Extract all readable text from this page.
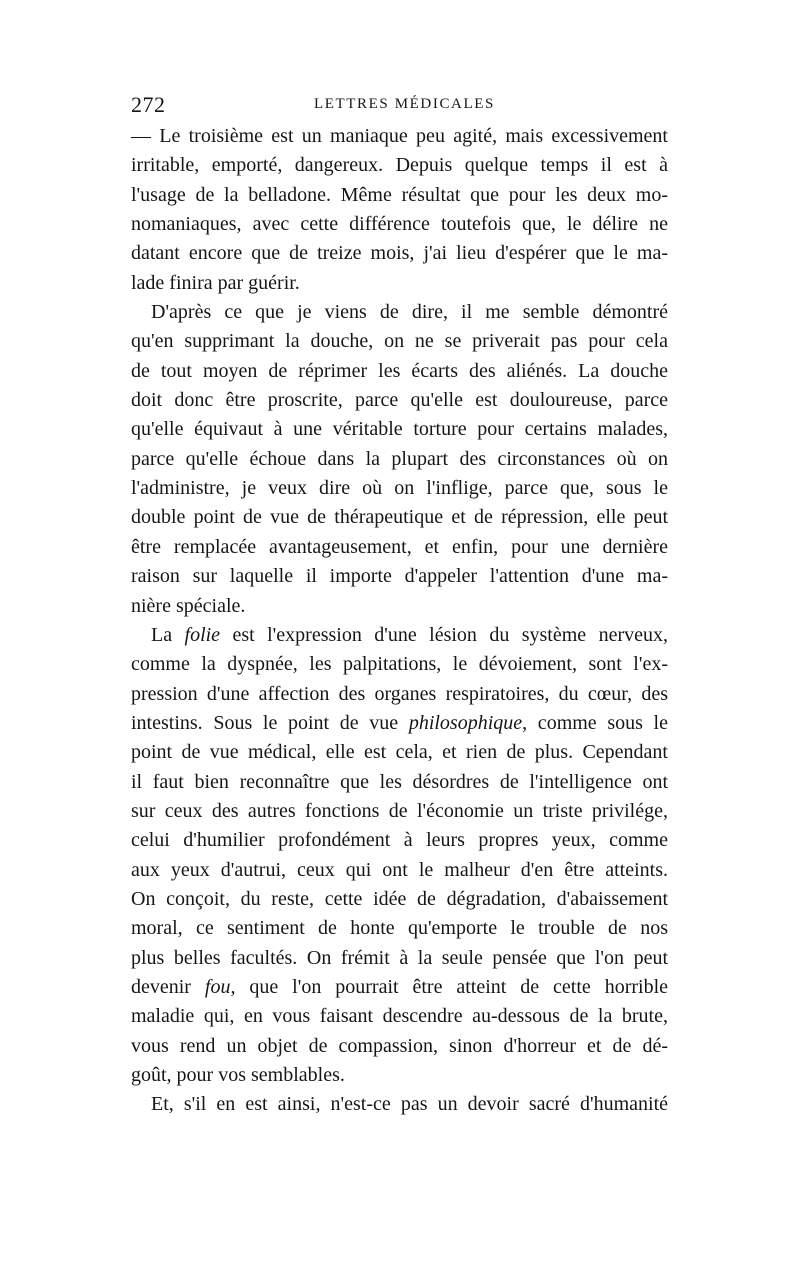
272	LETTRES MÉDICALES
— Le troisième est un maniaque peu agité, mais excessivement
irritable, emporté, dangereux. Depuis quelque temps il est à
l'usage de la belladone. Même résultat que pour les deux mo-
nomaniaques, avec cette différence toutefois que, le délire ne
datant encore que de treize mois, j'ai lieu d'espérer que le ma-
lade finira par guérir.
D'après ce que je viens de dire, il me semble démontré
qu'en supprimant la douche, on ne se priverait pas pour cela
de tout moyen de réprimer les écarts des aliénés. La douche
doit donc être proscrite, parce qu'elle est douloureuse, parce
qu'elle équivaut à une véritable torture pour certains malades,
parce qu'elle échoue dans la plupart des circonstances où on
l'administre, je veux dire où on l'inflige, parce que, sous le
double point de vue de thérapeutique et de répression, elle peut
être remplacée avantageusement, et enfin, pour une dernière
raison sur laquelle il importe d'appeler l'attention d'une ma-
nière spéciale.
La folie est l'expression d'une lésion du système nerveux,
comme la dyspnée, les palpitations, le dévoiement, sont l'ex-
pression d'une affection des organes respiratoires, du cœur, des
intestins. Sous le point de vue philosophique, comme sous le
point de vue médical, elle est cela, et rien de plus. Cependant
il faut bien reconnaître que les désordres de l'intelligence ont
sur ceux des autres fonctions de l'économie un triste privilége,
celui d'humilier profondément à leurs propres yeux, comme
aux yeux d'autrui, ceux qui ont le malheur d'en être atteints.
On conçoit, du reste, cette idée de dégradation, d'abaissement
moral, ce sentiment de honte qu'emporte le trouble de nos
plus belles facultés. On frémit à la seule pensée que l'on peut
devenir fou, que l'on pourrait être atteint de cette horrible
maladie qui, en vous faisant descendre au-dessous de la brute,
vous rend un objet de compassion, sinon d'horreur et de dé-
goût, pour vos semblables.
Et, s'il en est ainsi, n'est-ce pas un devoir sacré d'humanité
